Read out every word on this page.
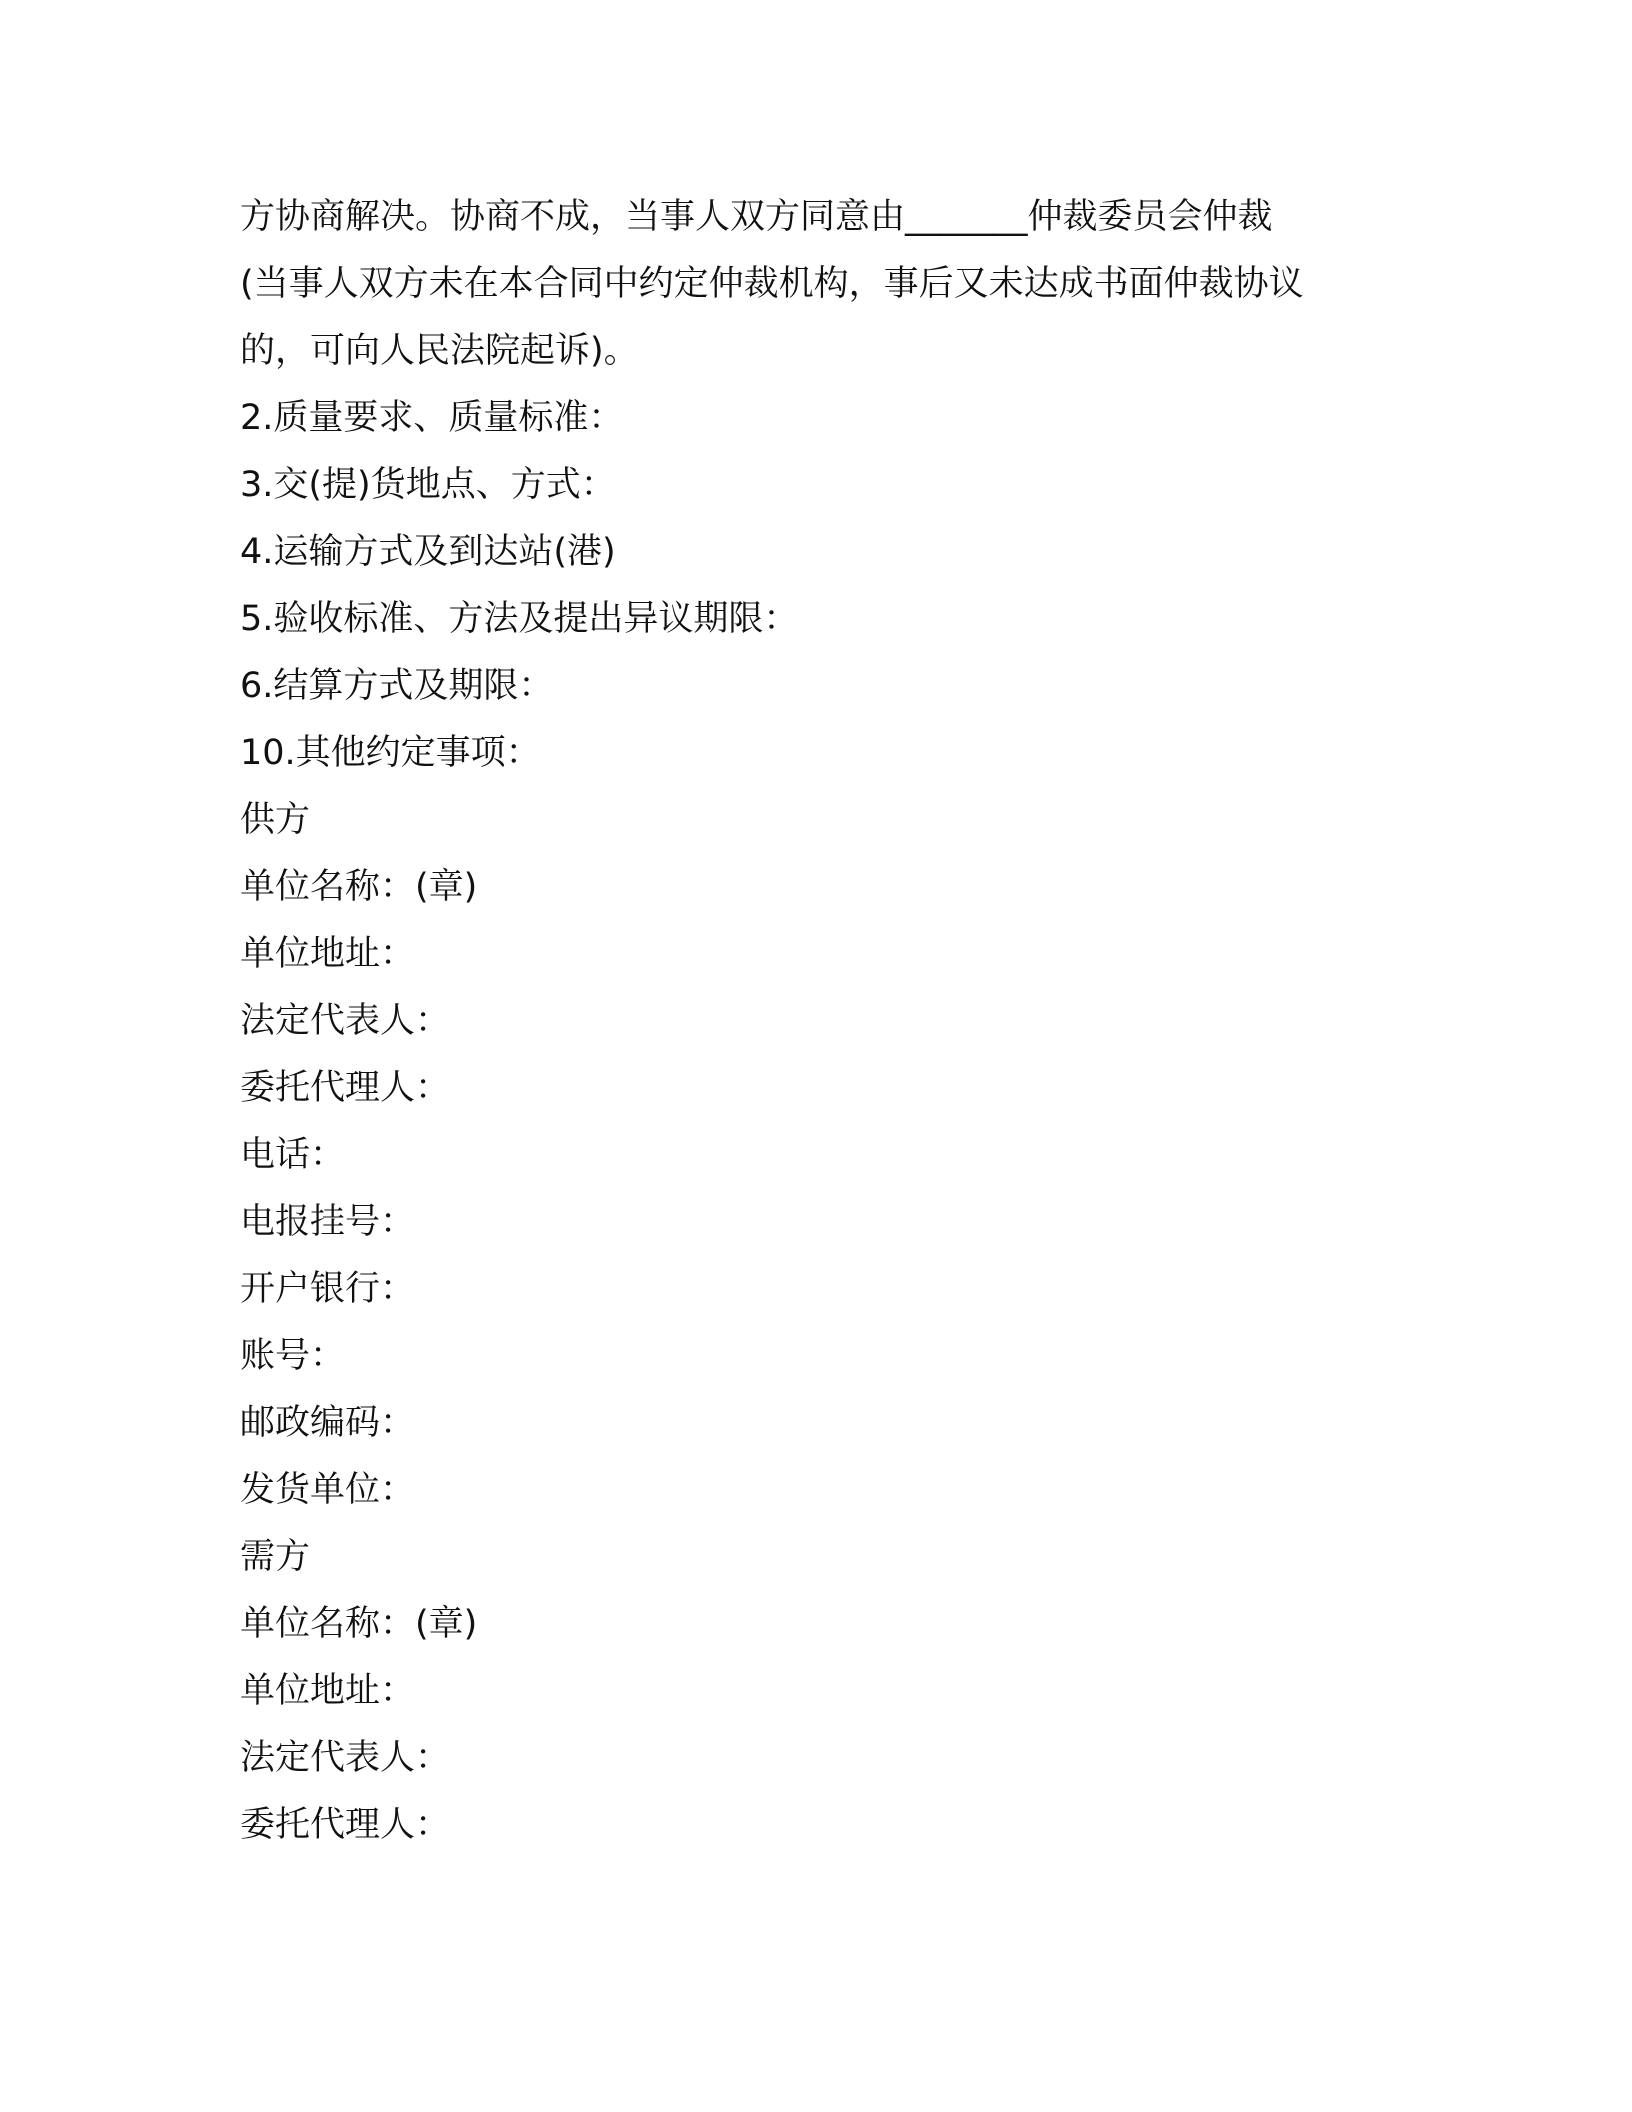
方协商解决。协商不成，当事人双方同意由_______仲裁委员会仲裁
(当事人双方未在本合同中约定仲裁机构，事后又未达成书面仲裁协议
的，可向人民法院起诉)。
2.质量要求、质量标准：
3.交(提)货地点、方式：
4.运输方式及到达站(港)
5.验收标准、方法及提出异议期限：
6.结算方式及期限：
10.其他约定事项：
供方
单位名称：(章)
单位地址：
法定代表人：
委托代理人：
电话：
电报挂号：
开户银行：
账号：
邮政编码：
发货单位：
需方
单位名称：(章)
单位地址：
法定代表人：
委托代理人：
